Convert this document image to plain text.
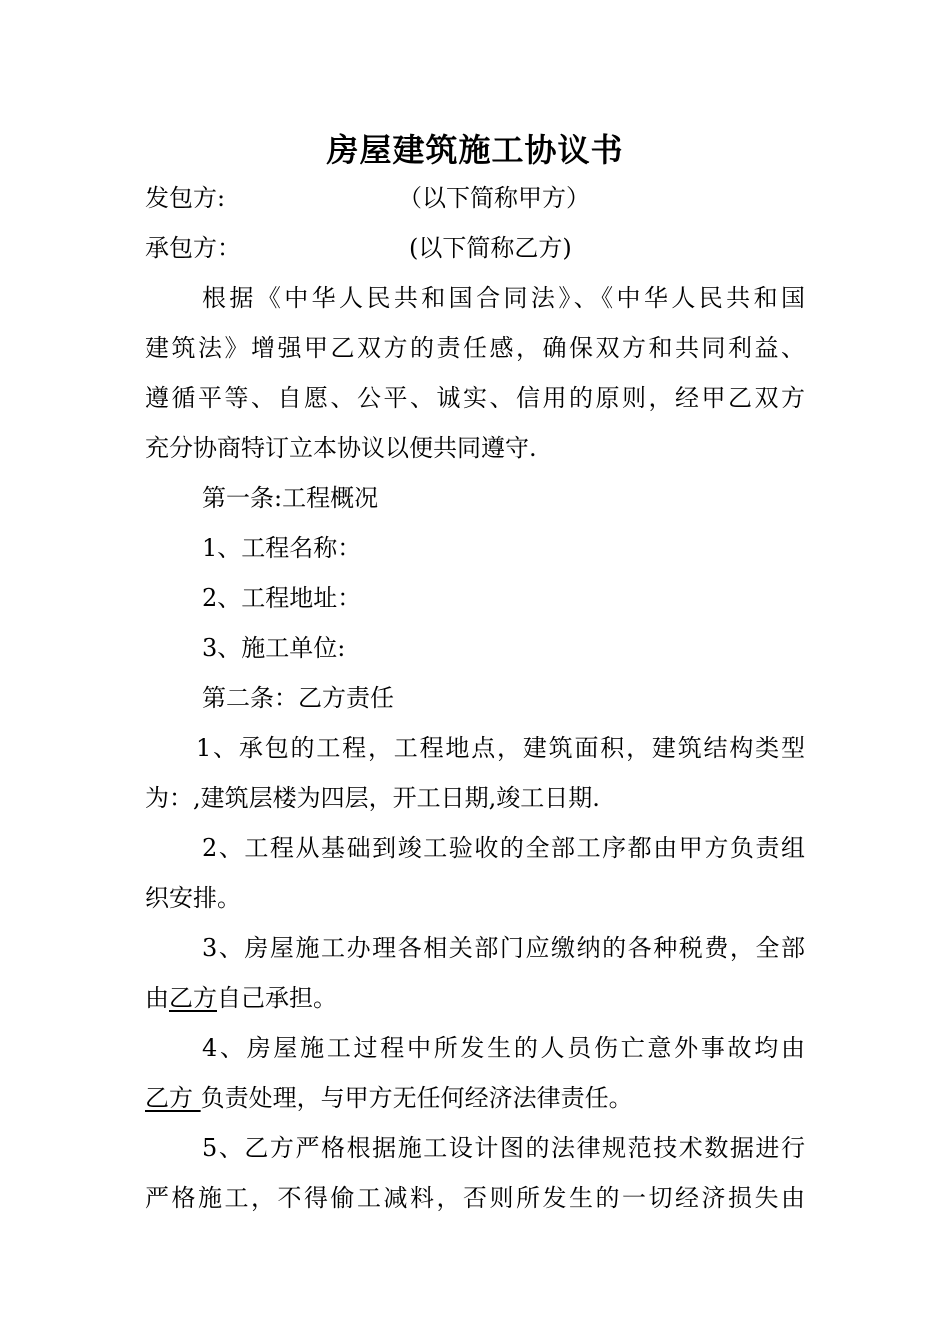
房屋建筑施工协议书
发包方:	（以下简称甲方）
承包方：	(以下简称乙方)
根据《中华人民共和国合同法》、《中华人民共和国
建筑法》增强甲乙双方的责任感，确保双方和共同利益、
遵循平等、自愿、公平、诚实、信用的原则，经甲乙双方
充分协商特订立本协议以便共同遵守.
第一条:工程概况
1、工程名称：
2、工程地址：
3、施工单位:
第二条：乙方责任
1、承包的工程，工程地点，建筑面积，建筑结构类型
为：,建筑层楼为四层，开工日期,竣工日期.
2、工程从基础到竣工验收的全部工序都由甲方负责组
织安排。
3、房屋施工办理各相关部门应缴纳的各种税费，全部
由乙方自己承担。
4、房屋施工过程中所发生的人员伤亡意外事故均由
乙方 负责处理，与甲方无任何经济法律责任。
5、乙方严格根据施工设计图的法律规范技术数据进行
严格施工，不得偷工减料，否则所发生的一切经济损失由
